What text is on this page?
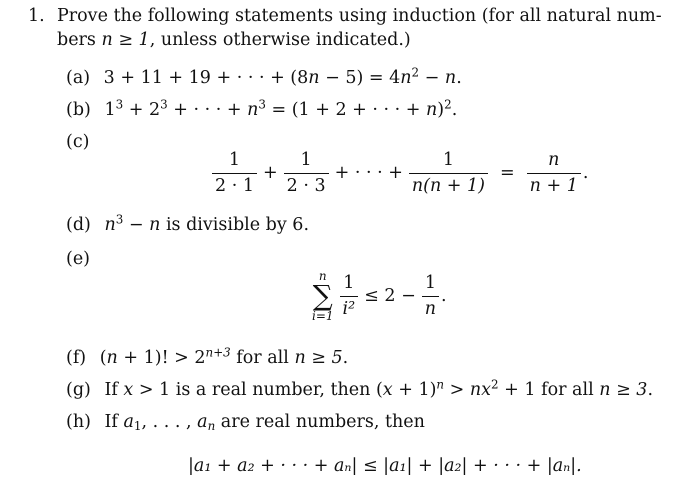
1. Prove the following statements using induction (for all natural num-
bers n ≥ 1, unless otherwise indicated.)
(a) 3 + 11 + 19 + · · · + $(8n - 5) = 4n^2 - n$.
(b) $1^3 + 2^3$ + · · · + $n^3 = (1 + 2$ + · · · + n)$^2$.
(c)
$\frac{1}{2 \cdot 1} + \frac{1}{2 \cdot 3}$ + · · · + $\frac{1}{n(n + 1)} = \frac{n}{n + 1}$ .
(d) $n^3 - n$ is divisible by 6.
(e)
n
∑
$i=1 \frac{1}{\text{i²}} \le 2 - \frac{1}{n}$ .
(f) (n + 1)! > $2^{n+3}$ for all n ≥ 5.
(g) If x > 1 is a real number, then $(x + 1)^n > nx^2 + 1$ for all n ≥ 3.
(h) If $a_1$, . . . , $a_n$ are real numbers, then
|a₁ + a₂ + · · · + aₙ| ≤ |a₁| + |a₂| + · · · + |aₙ|.
